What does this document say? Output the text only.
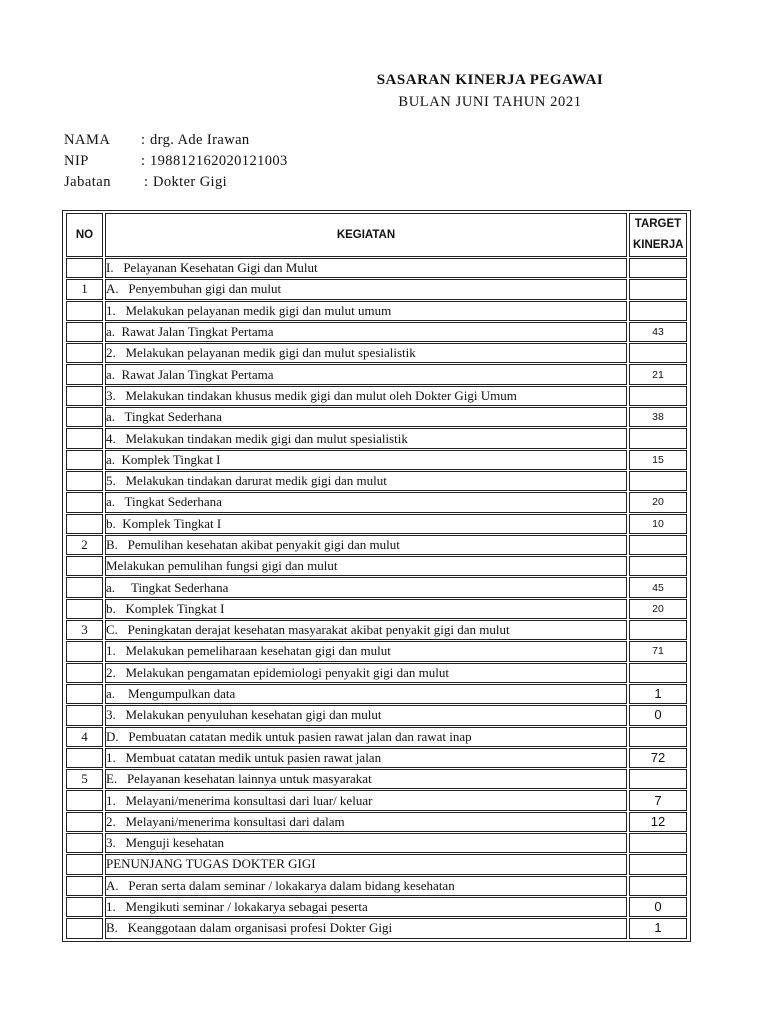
SASARAN KINERJA PEGAWAI
BULAN JUNI TAHUN 2021
NAMA : drg. Ade Irawan
NIP	: 198812162020121003
Jabatan : Dokter Gigi
NO	KEGIATAN	TARGET
KINERJA
	I.   Pelayanan Kesehatan Gigi dan Mulut	
1	A.   Penyembuhan gigi dan mulut	
	1.   Melakukan pelayanan medik gigi dan mulut umum	
	a.  Rawat Jalan Tingkat Pertama	43
	2.   Melakukan pelayanan medik gigi dan mulut spesialistik	
	a.  Rawat Jalan Tingkat Pertama	21
	3.   Melakukan tindakan khusus medik gigi dan mulut oleh Dokter Gigi Umum	
	a.   Tingkat Sederhana	38
	4.   Melakukan tindakan medik gigi dan mulut spesialistik	
	a.  Komplek Tingkat I	15
	5.   Melakukan tindakan darurat medik gigi dan mulut	
	a.   Tingkat Sederhana	20
	b.  Komplek Tingkat I	10
2	B.   Pemulihan kesehatan akibat penyakit gigi dan mulut	
	Melakukan pemulihan fungsi gigi dan mulut	
	a.     Tingkat Sederhana	45
	b.   Komplek Tingkat I	20
3	C.   Peningkatan derajat kesehatan masyarakat akibat penyakit gigi dan mulut	
	1.   Melakukan pemeliharaan kesehatan gigi dan mulut	71
	2.   Melakukan pengamatan epidemiologi penyakit gigi dan mulut	
	a.    Mengumpulkan data	1
	3.   Melakukan penyuluhan kesehatan gigi dan mulut	0
4	D.   Pembuatan catatan medik untuk pasien rawat jalan dan rawat inap	
	1.   Membuat catatan medik untuk pasien rawat jalan	72
5	E.   Pelayanan kesehatan lainnya untuk masyarakat	
	1.   Melayani/menerima konsultasi dari luar/ keluar	7
	2.   Melayani/menerima konsultasi dari dalam	12
	3.   Menguji kesehatan	
	PENUNJANG TUGAS DOKTER GIGI	
	A.   Peran serta dalam seminar / lokakarya dalam bidang kesehatan	
	1.   Mengikuti seminar / lokakarya sebagai peserta	0
	B.   Keanggotaan dalam organisasi profesi Dokter Gigi	1
